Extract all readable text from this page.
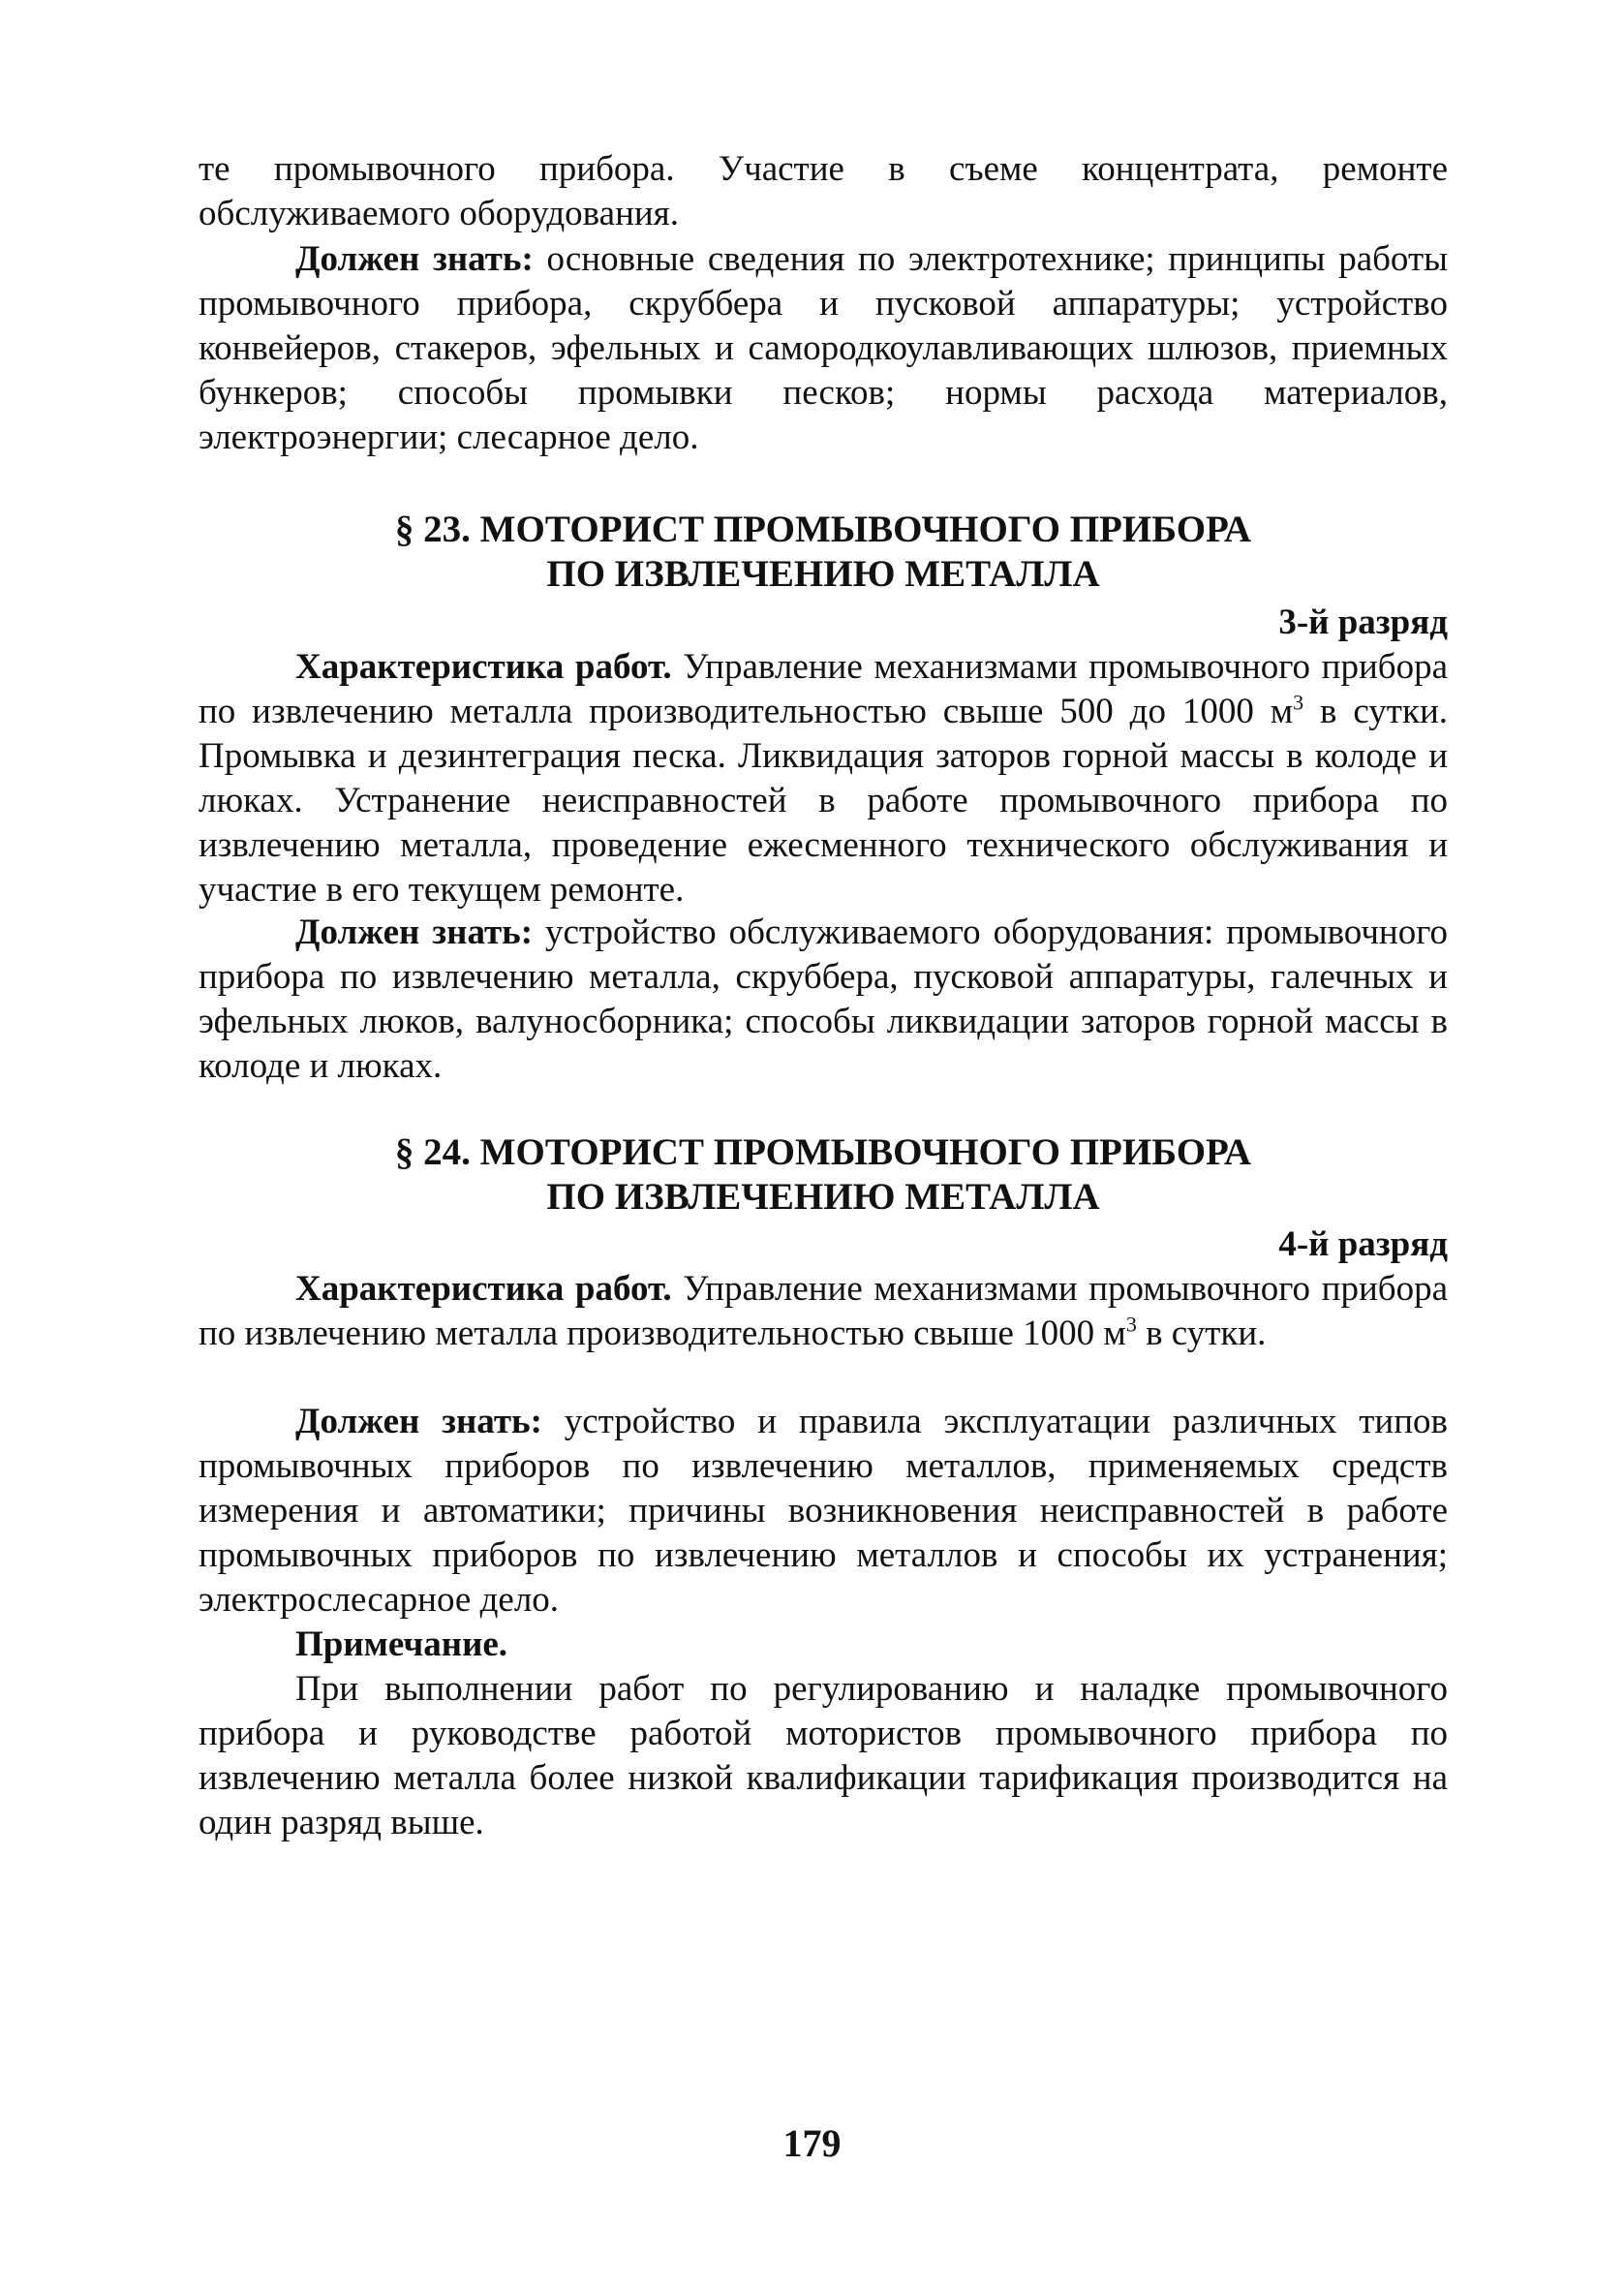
те промывочного прибора. Участие в съеме концентрата, ремонте обслуживаемого оборудования.

Должен знать: основные сведения по электротехнике; принципы работы промывочного прибора, скруббера и пусковой аппаратуры; устройство конвейеров, стакеров, эфельных и самородкоулавливающих шлюзов, приемных бункеров; способы промывки песков; нормы расхода материалов, электроэнергии; слесарное дело.

§ 23. МОТОРИСТ ПРОМЫВОЧНОГО ПРИБОРА

ПО ИЗВЛЕЧЕНИЮ МЕТАЛЛА

3-й разряд

Характеристика работ. Управление механизмами промывочного прибора по извлечению металла производительностью свыше 500 до 1000 $м^3$ в сутки. Промывка и дезинтеграция песка. Ликвидация заторов горной массы в колоде и люках. Устранение неисправностей в работе промывочного прибора по извлечению металла, проведение ежесменного технического обслуживания и участие в его текущем ремонте.

Должен знать: устройство обслуживаемого оборудования: промывочного прибора по извлечению металла, скруббера, пусковой аппаратуры, галечных и эфельных люков, валуносборника; способы ликвидации заторов горной массы в колоде и люках.

§ 24. МОТОРИСТ ПРОМЫВОЧНОГО ПРИБОРА

ПО ИЗВЛЕЧЕНИЮ МЕТАЛЛА

4-й разряд

Характеристика работ. Управление механизмами промывочного прибора по извлечению металла производительностью свыше 1000 $м^3$ в сутки.

Должен знать: устройство и правила эксплуатации различных типов промывочных приборов по извлечению металлов, применяемых средств измерения и автоматики; причины возникновения неисправностей в работе промывочных приборов по извлечению металлов и способы их устранения; электрослесарное дело.

Примечание.

При выполнении работ по регулированию и наладке промывочного прибора и руководстве работой мотористов промывочного прибора по извлечению металла более низкой квалификации тарификация производится на один разряд выше.

179
